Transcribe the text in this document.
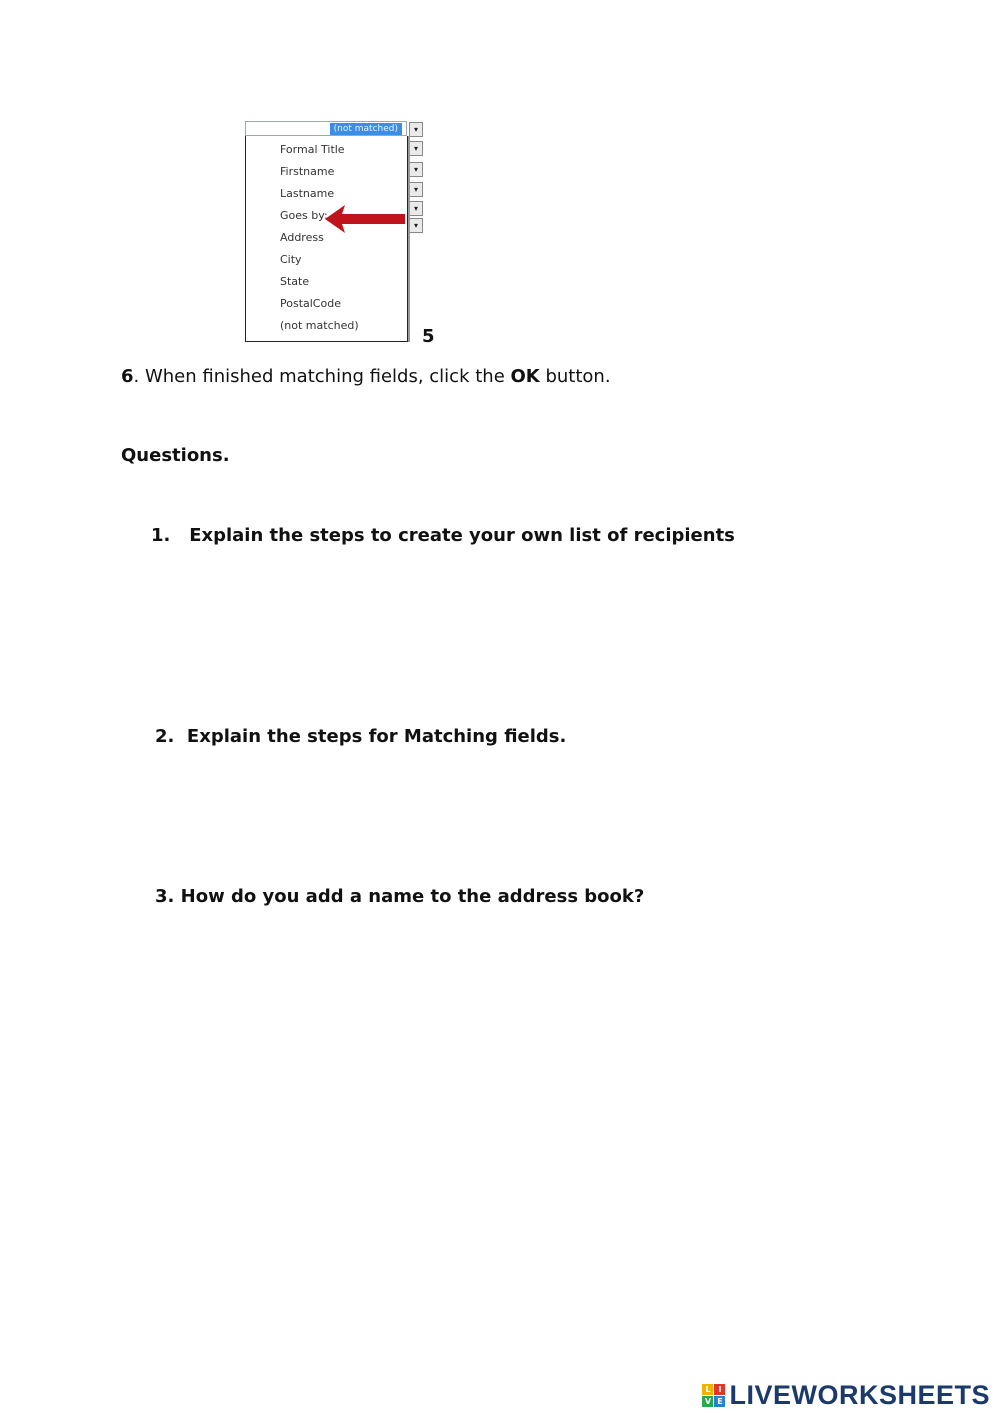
(not matched)	▾
▾
▾
▾
▾
▾
Formal Title
Firstname
Lastname
Goes by:
Address
City
State
PostalCode
(not matched)
5
6. When finished matching fields, click the OK button.
Questions.
1. Explain the steps to create your own list of recipients
2. Explain the steps for Matching fields.
3. How do you add a name to the address book?
L I
V E LIVEWORKSHEETS
